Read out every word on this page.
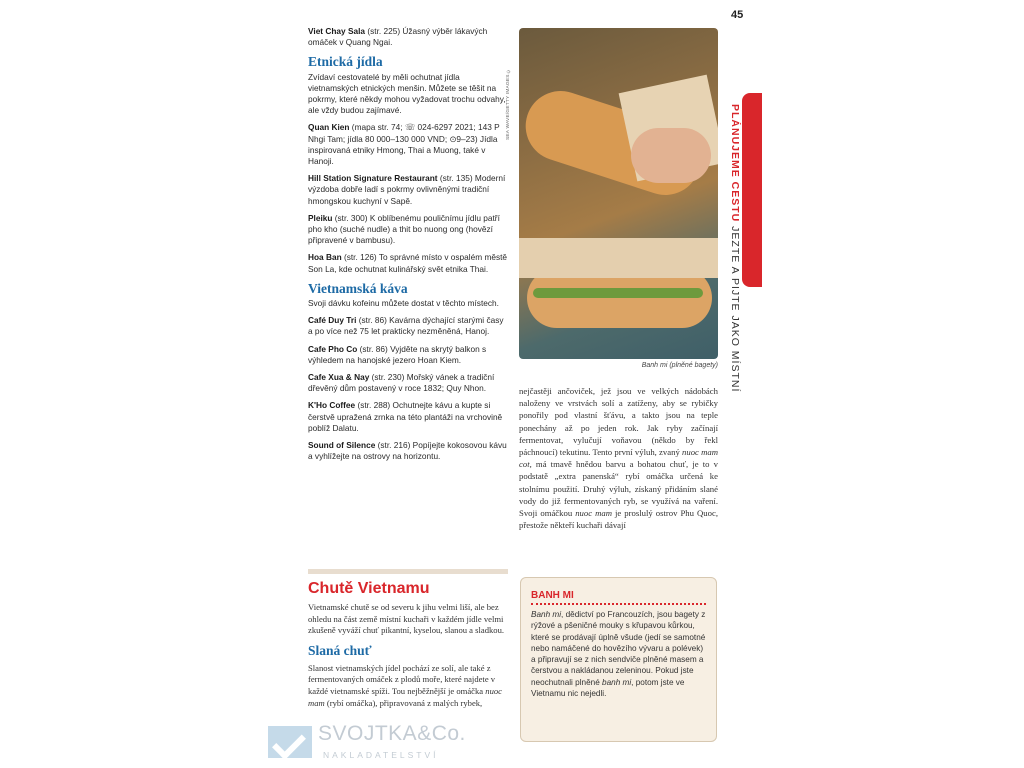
45

Viet Chay Sala (str. 225) Úžasný výběr lákavých omáček v Quang Ngai.

Etnická jídla

Zvídaví cestovatelé by měli ochutnat jídla vietnamských etnických menšin. Můžete se těšit na pokrmy, které někdy mohou vyžadovat trochu odvahy, ale vždy budou zajímavé.

Quan Kien (mapa str. 74; ☏ 024-6297 2021; 143 P Nhgi Tam; jídla 80 000–130 000 VND; ⊙9–23) Jídla inspirovaná etniky Hmong, Thai a Muong, také v Hanoji.

Hill Station Signature Restaurant (str. 135) Moderní výzdoba dobře ladí s pokrmy ovlivněnými tradiční hmongskou kuchyní v Sapě.

Pleiku (str. 300) K oblíbenému pouličnímu jídlu patří pho kho (suché nudle) a thit bo nuong ong (hovězí připravené v bambusu).

Hoa Ban (str. 126) To správné místo v ospalém městě Son La, kde ochutnat kulinářský svět etnika Thai.

Vietnamská káva

Svoji dávku kofeinu můžete dostat v těchto místech.

Café Duy Tri (str. 86) Kavárna dýchající starými časy a po více než 75 let prakticky nezměněná, Hanoj.

Cafe Pho Co (str. 86) Vyjděte na skrytý balkon s výhledem na hanojské jezero Hoan Kiem.

Cafe Xua & Nay (str. 230) Mořský vánek a tradiční dřevěný dům postavený v roce 1832; Quy Nhon.

K'Ho Coffee (str. 288) Ochutnejte kávu a kupte si čerstvě upražená zrnka na této plantáži na vrchovině poblíž Dalatu.

Sound of Silence (str. 216) Popíjejte kokosovou kávu a vyhlížejte na ostrovy na horizontu.

SEA WAVE/GETTY IMAGES ©
Banh mi (plněné bagety)
PLÁNUJEME CESTU JEZTE A PIJTE JAKO MÍSTNÍ
nejčastěji ančoviček, jež jsou ve velkých nádobách naloženy ve vrstvách solí a zatíženy, aby se rybičky ponořily pod vlastní šťávu, a takto jsou na teple ponechány až po jeden rok. Jak ryby začínají fermentovat, vylučují voňavou (někdo by řekl páchnoucí) tekutinu. Tento první výluh, zvaný nuoc mam cot, má tmavě hnědou barvu a bohatou chuť, je to v podstatě „extra panenská“ rybí omáčka určená ke stolnímu použití. Druhý výluh, získaný přidáním slané vody do již fermentovaných ryb, se využívá na vaření. Svoji omáčkou nuoc mam je proslulý ostrov Phu Quoc, přestože někteří kuchaři dávají
Chutě Vietnamu

Vietnamské chutě se od severu k jihu velmi liší, ale bez ohledu na část země místní kuchaři v každém jídle velmi zkušeně vyváží chuť pikantní, kyselou, slanou a sladkou.

Slaná chuť

Slanost vietnamských jídel pochází ze solí, ale také z fermentovaných omáček z plodů moře, které najdete v každé vietnamské spíži. Tou nejběžnější je omáčka nuoc mam (rybí omáčka), připravovaná z malých rybek,

BANH MI
Banh mi, dědictví po Francouzích, jsou bagety z rýžové a pšeničné mouky s křupavou kůrkou, které se prodávají úplně všude (jedí se samotné nebo namáčené do hovězího vývaru a polévek) a připravují se z nich sendviče plněné masem a čerstvou a nakládanou zeleninou. Pokud jste neochutnali plněné banh mi, potom jste ve Vietnamu nic nejedli.
SVOJTKA&Co.
NAKLADATELSTVÍ
